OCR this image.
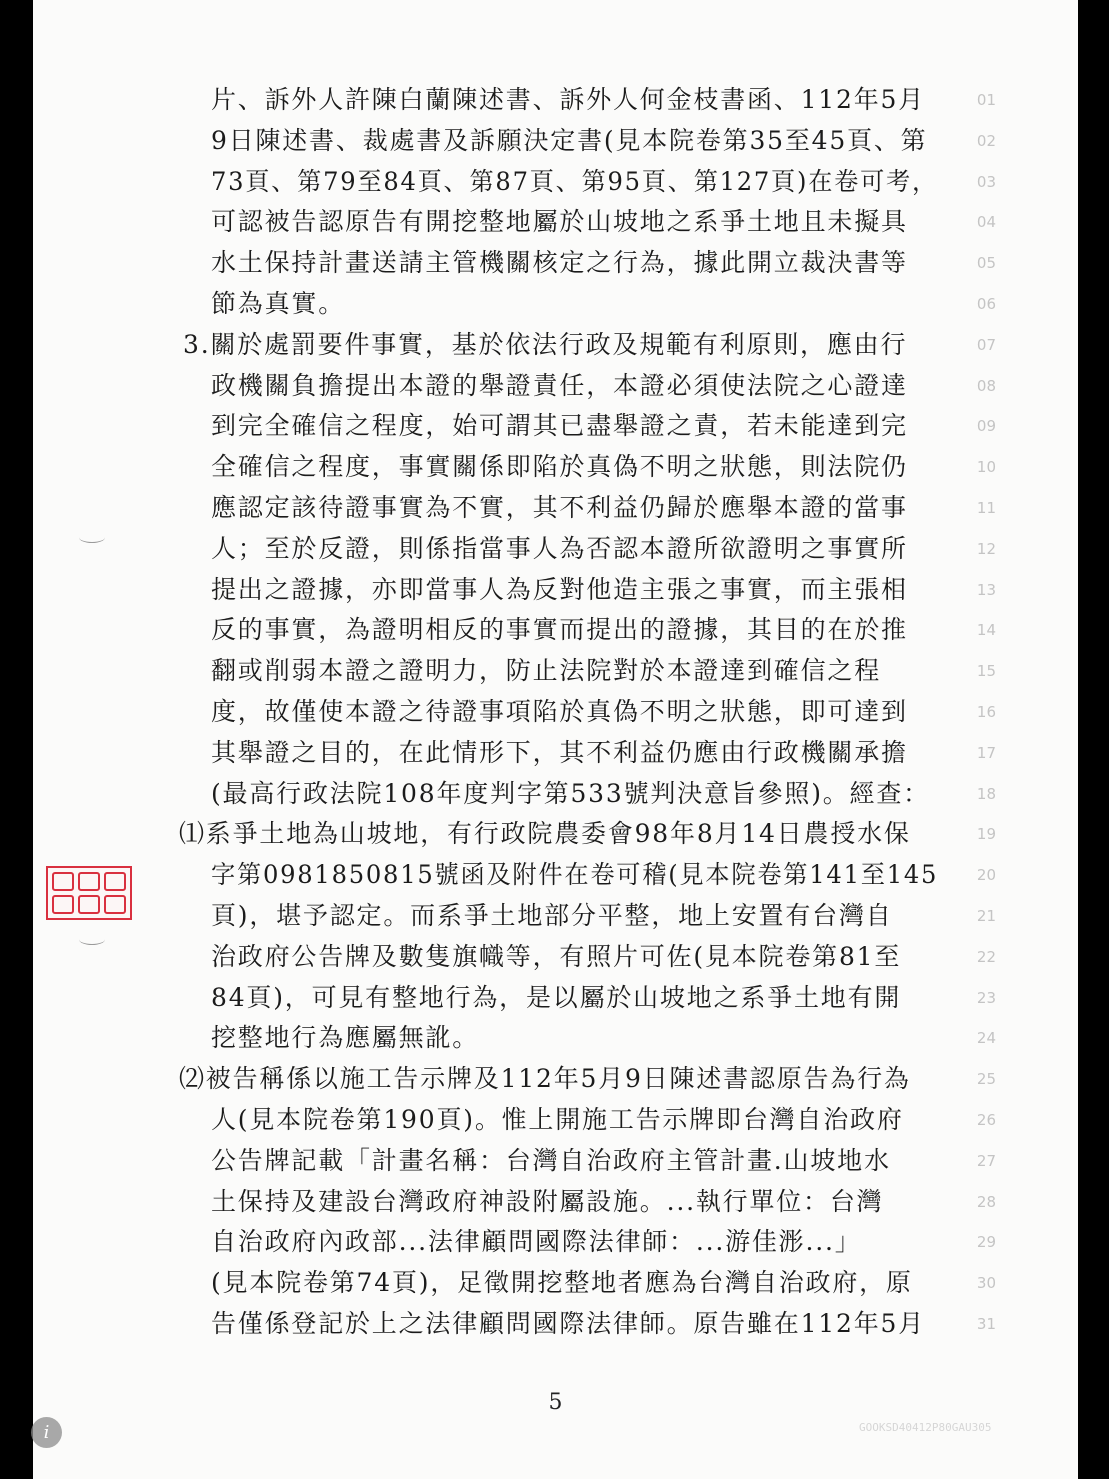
片、訴外人許陳白蘭陳述書、訴外人何金枝書函、112年5月	01
9日陳述書、裁處書及訴願決定書(見本院卷第35至45頁、第	02
73頁、第79至84頁、第87頁、第95頁、第127頁)在卷可考，	03
可認被告認原告有開挖整地屬於山坡地之系爭土地且未擬具	04
水土保持計畫送請主管機關核定之行為，據此開立裁決書等	05
節為真實。	06
3.關於處罰要件事實，基於依法行政及規範有利原則，應由行	07
政機關負擔提出本證的舉證責任，本證必須使法院之心證達	08
到完全確信之程度，始可謂其已盡舉證之責，若未能達到完	09
全確信之程度，事實關係即陷於真偽不明之狀態，則法院仍	10
應認定該待證事實為不實，其不利益仍歸於應舉本證的當事	11
人；至於反證，則係指當事人為否認本證所欲證明之事實所	12
提出之證據，亦即當事人為反對他造主張之事實，而主張相	13
反的事實，為證明相反的事實而提出的證據，其目的在於推	14
翻或削弱本證之證明力，防止法院對於本證達到確信之程	15
度，故僅使本證之待證事項陷於真偽不明之狀態，即可達到	16
其舉證之目的，在此情形下，其不利益仍應由行政機關承擔	17
(最高行政法院108年度判字第533號判決意旨參照)。經查：	18
⑴系爭土地為山坡地，有行政院農委會98年8月14日農授水保	19
字第0981850815號函及附件在卷可稽(見本院卷第141至145	20
頁)，堪予認定。而系爭土地部分平整，地上安置有台灣自	21
治政府公告牌及數隻旗幟等，有照片可佐(見本院卷第81至	22
84頁)，可見有整地行為，是以屬於山坡地之系爭土地有開	23
挖整地行為應屬無訛。	24
⑵被告稱係以施工告示牌及112年5月9日陳述書認原告為行為	25
人(見本院卷第190頁)。惟上開施工告示牌即台灣自治政府	26
公告牌記載「計畫名稱：台灣自治政府主管計畫.山坡地水	27
土保持及建設台灣政府神設附屬設施。...執行單位：台灣	28
自治政府內政部...法律顧問國際法律師：...游佳浵...」	29
(見本院卷第74頁)，足徵開挖整地者應為台灣自治政府，原	30
告僅係登記於上之法律顧問國際法律師。原告雖在112年5月	31
5
GOOKSD40412P80GAU305
i
